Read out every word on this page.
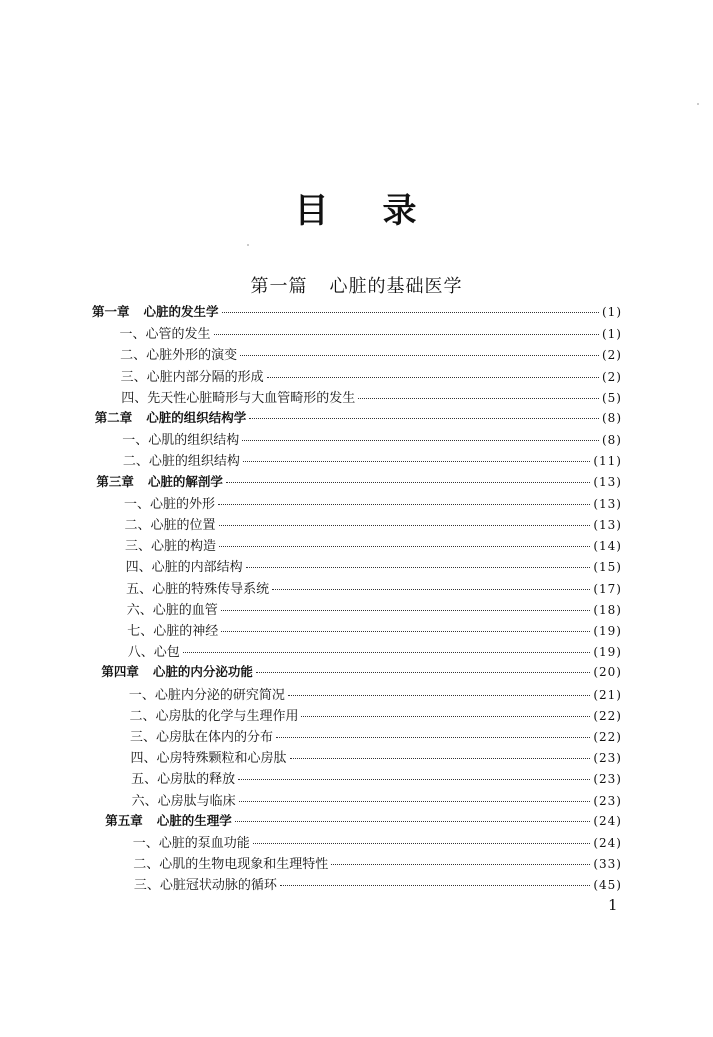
目 录
第一篇 心脏的基础医学
第一章 心脏的发生学	(1)
一、心管的发生	(1)
二、心脏外形的演变	(2)
三、心脏内部分隔的形成	(2)
四、先天性心脏畸形与大血管畸形的发生	(5)
第二章 心脏的组织结构学	(8)
一、心肌的组织结构	(8)
二、心脏的组织结构	(11)
第三章 心脏的解剖学	(13)
一、心脏的外形	(13)
二、心脏的位置	(13)
三、心脏的构造	(14)
四、心脏的内部结构	(15)
五、心脏的特殊传导系统	(17)
六、心脏的血管	(18)
七、心脏的神经	(19)
八、心包	(19)
第四章 心脏的内分泌功能	(20)
一、心脏内分泌的研究简况	(21)
二、心房肽的化学与生理作用	(22)
三、心房肽在体内的分布	(22)
四、心房特殊颗粒和心房肽	(23)
五、心房肽的释放	(23)
六、心房肽与临床	(23)
第五章 心脏的生理学	(24)
一、心脏的泵血功能	(24)
二、心肌的生物电现象和生理特性	(33)
三、心脏冠状动脉的循环	(45)
1
